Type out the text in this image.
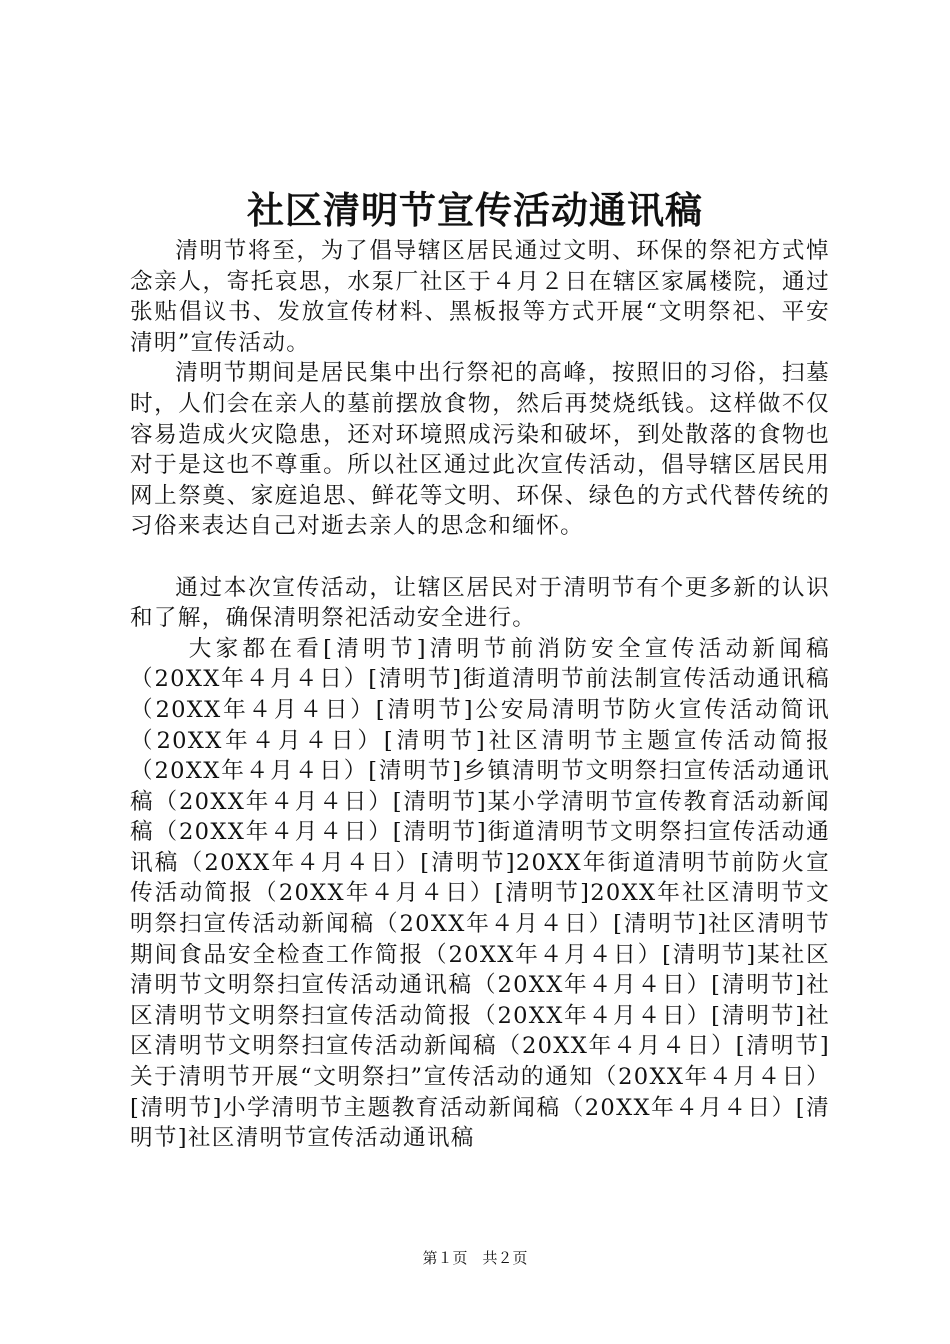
社区清明节宣传活动通讯稿

清明节将至，为了倡导辖区居民通过文明、环保的祭祀方式悼念亲人，寄托哀思，水泵厂社区于４月２日在辖区家属楼院，通过张贴倡议书、发放宣传材料、黑板报等方式开展“文明祭祀、平安清明”宣传活动。

清明节期间是居民集中出行祭祀的高峰，按照旧的习俗，扫墓时，人们会在亲人的墓前摆放食物，然后再焚烧纸钱。这样做不仅容易造成火灾隐患，还对环境照成污染和破坏，到处散落的食物也对于是这也不尊重。所以社区通过此次宣传活动，倡导辖区居民用网上祭奠、家庭追思、鲜花等文明、环保、绿色的方式代替传统的习俗来表达自己对逝去亲人的思念和缅怀。

通过本次宣传活动，让辖区居民对于清明节有个更多新的认识和了解，确保清明祭祀活动安全进行。

大家都在看[清明节]清明节前消防安全宣传活动新闻稿（20XX年４月４日）[清明节]街道清明节前法制宣传活动通讯稿（20XX年４月４日）[清明节]公安局清明节防火宣传活动简讯（20XX年４月４日）[清明节]社区清明节主题宣传活动简报（20XX年４月４日）[清明节]乡镇清明节文明祭扫宣传活动通讯稿（20XX年４月４日）[清明节]某小学清明节宣传教育活动新闻稿（20XX年４月４日）[清明节]街道清明节文明祭扫宣传活动通讯稿（20XX年４月４日）[清明节]20XX年街道清明节前防火宣传活动简报（20XX年４月４日）[清明节]20XX年社区清明节文明祭扫宣传活动新闻稿（20XX年４月４日）[清明节]社区清明节期间食品安全检查工作简报（20XX年４月４日）[清明节]某社区清明节文明祭扫宣传活动通讯稿（20XX年４月４日）[清明节]社区清明节文明祭扫宣传活动简报（20XX年４月４日）[清明节]社区清明节文明祭扫宣传活动新闻稿（20XX年４月４日）[清明节]关于清明节开展“文明祭扫”宣传活动的通知（20XX年４月４日）[清明节]小学清明节主题教育活动新闻稿（20XX年４月４日）[清明节]社区清明节宣传活动通讯稿

第１页　共２页
